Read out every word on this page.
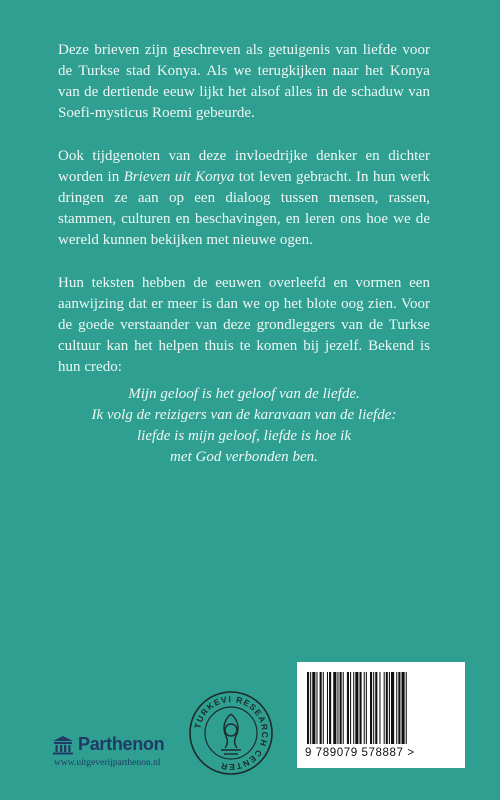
Deze brieven zijn geschreven als getuigenis van liefde voor de Turkse stad Konya. Als we terugkijken naar het Konya van de dertiende eeuw lijkt het alsof alles in de schaduw van Soefi-mysticus Roemi gebeurde.

Ook tijdgenoten van deze invloedrijke denker en dichter worden in Brieven uit Konya tot leven gebracht. In hun werk dringen ze aan op een dialoog tussen mensen, rassen, stammen, culturen en beschavingen, en leren ons hoe we de wereld kunnen bekijken met nieuwe ogen.

Hun teksten hebben de eeuwen overleefd en vormen een aanwijzing dat er meer is dan we op het blote oog zien. Voor de goede verstaander van deze grondleggers van de Turkse cultuur kan het helpen thuis te komen bij jezelf. Bekend is hun credo:

Mijn geloof is het geloof van de liefde.
Ik volg de reizigers van de karavaan van de liefde:
liefde is mijn geloof, liefde is hoe ik
met God verbonden ben.
Parthenon
www.uitgeverijparthenon.nl
TURKEVI RESEARCH CENTER
9 789079 578887 >
